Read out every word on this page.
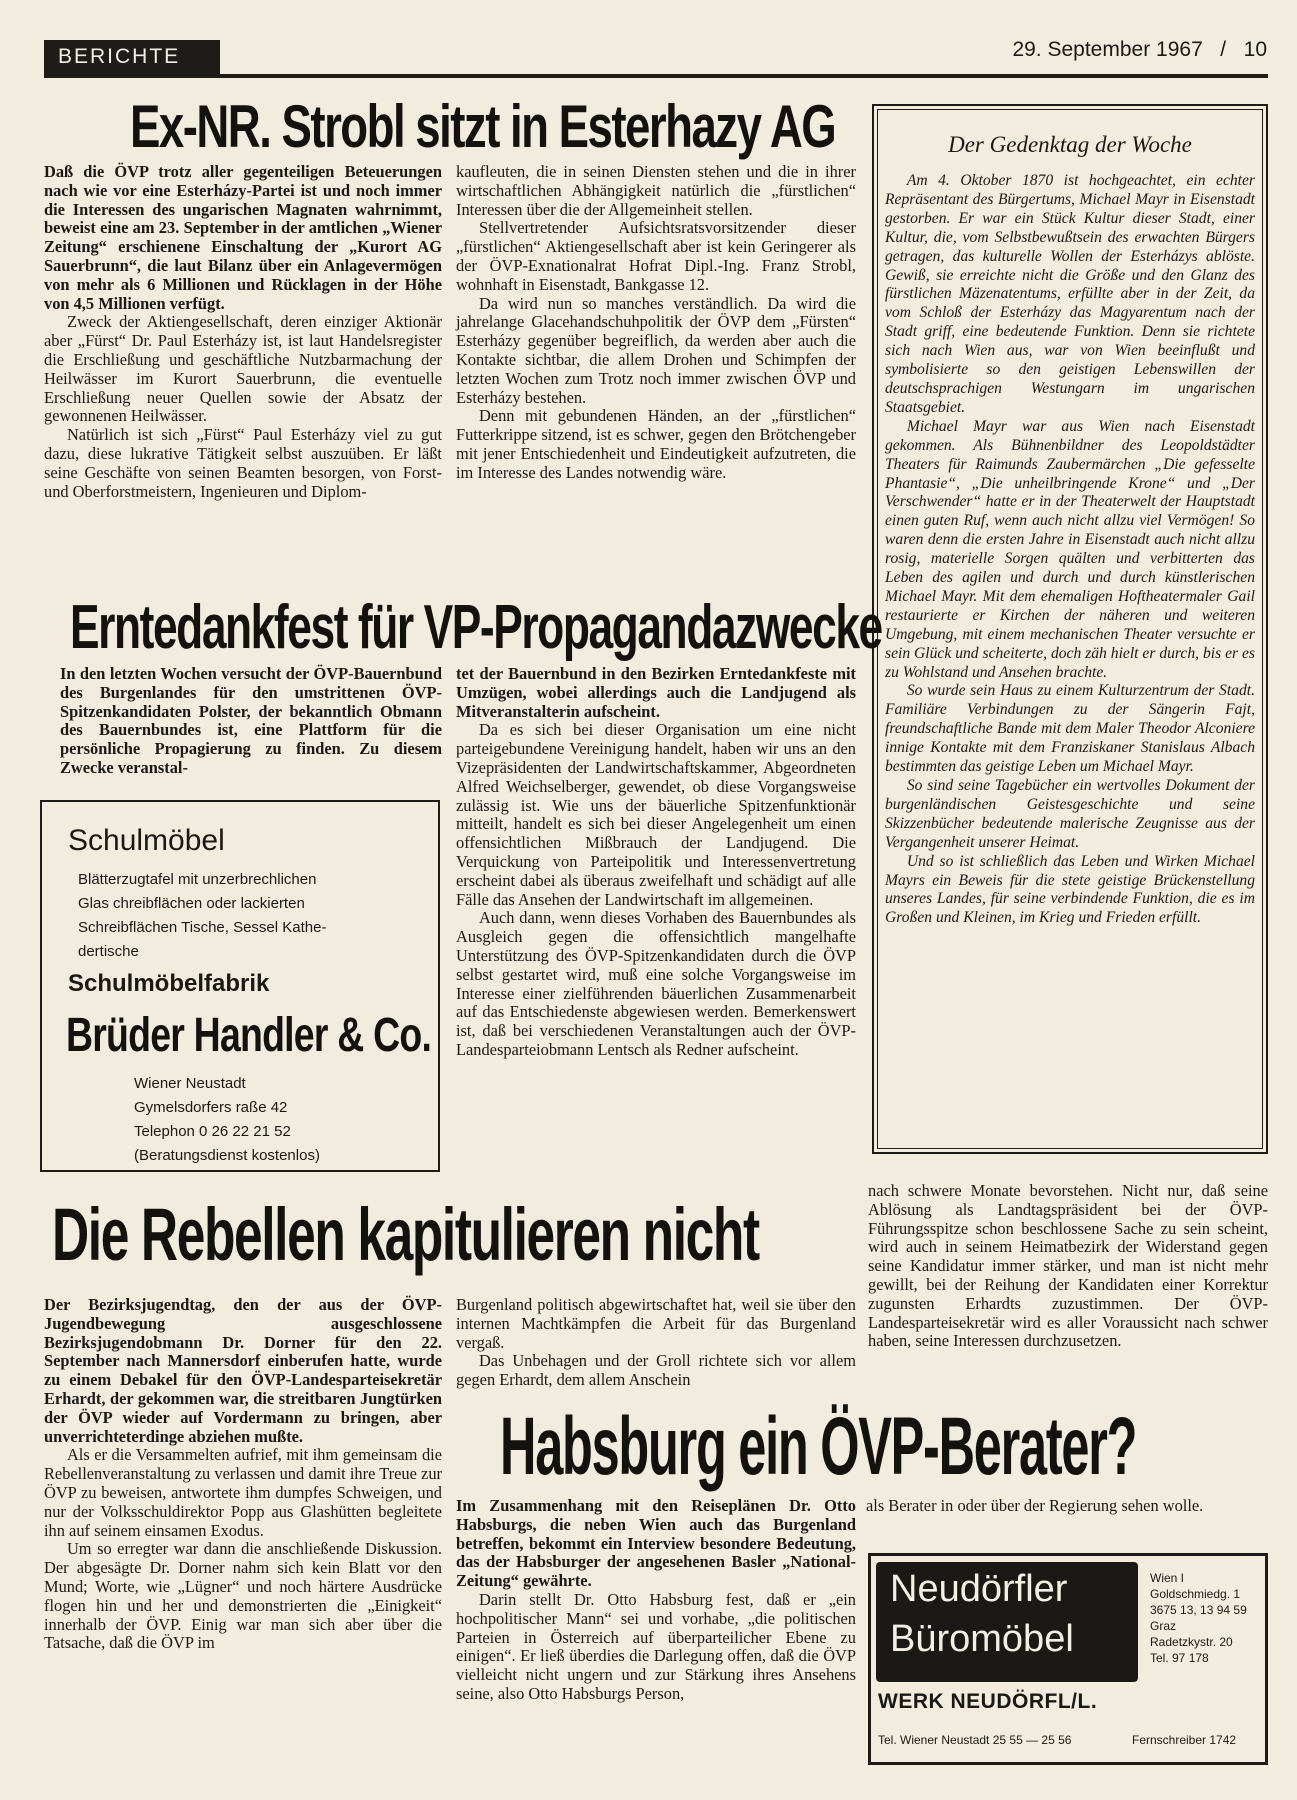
BERICHTE	29. September 1967 / 10
Ex-NR. Strobl sitzt in Esterhazy AG

Daß die ÖVP trotz aller gegenteiligen Beteuerungen nach wie vor eine Esterházy-Partei ist und noch immer die Interessen des ungarischen Magnaten wahrnimmt, beweist eine am 23. September in der amtlichen „Wiener Zeitung“ erschienene Einschaltung der „Kurort AG Sauerbrunn“, die laut Bilanz über ein Anlagevermögen von mehr als 6 Millionen und Rücklagen in der Höhe von 4,5 Millionen verfügt.

Zweck der Aktiengesellschaft, deren einziger Aktionär aber „Fürst“ Dr. Paul Esterházy ist, ist laut Handelsregister die Erschließung und geschäftliche Nutzbarmachung der Heilwässer im Kurort Sauerbrunn, die eventuelle Erschließung neuer Quellen sowie der Absatz der gewonnenen Heilwässer.

Natürlich ist sich „Fürst“ Paul Esterházy viel zu gut dazu, diese lukrative Tätigkeit selbst auszuüben. Er läßt seine Geschäfte von seinen Beamten besorgen, von Forst- und Oberforstmeistern, Ingenieuren und Diplom-

kaufleuten, die in seinen Diensten stehen und die in ihrer wirtschaftlichen Abhängigkeit natürlich die „fürstlichen“ Interessen über die der Allgemeinheit stellen.

Stellvertretender Aufsichtsratsvorsitzender dieser „fürstlichen“ Aktiengesellschaft aber ist kein Geringerer als der ÖVP-Exnationalrat Hofrat Dipl.-Ing. Franz Strobl, wohnhaft in Eisenstadt, Bankgasse 12.

Da wird nun so manches verständlich. Da wird die jahrelange Glacehandschuhpolitik der ÖVP dem „Fürsten“ Esterházy gegenüber begreiflich, da werden aber auch die Kontakte sichtbar, die allem Drohen und Schimpfen der letzten Wochen zum Trotz noch immer zwischen ÖVP und Esterházy bestehen.

Denn mit gebundenen Händen, an der „fürstlichen“ Futterkrippe sitzend, ist es schwer, gegen den Brötchengeber mit jener Entschiedenheit und Eindeutigkeit aufzutreten, die im Interesse des Landes notwendig wäre.

Der Gedenktag der Woche

Am 4. Oktober 1870 ist hochgeachtet, ein echter Repräsentant des Bürgertums, Michael Mayr in Eisenstadt gestorben. Er war ein Stück Kultur dieser Stadt, einer Kultur, die, vom Selbstbewußtsein des erwachten Bürgers getragen, das kulturelle Wollen der Esterházys ablöste. Gewiß, sie erreichte nicht die Größe und den Glanz des fürstlichen Mäzenatentums, erfüllte aber in der Zeit, da vom Schloß der Esterházy das Magyarentum nach der Stadt griff, eine bedeutende Funktion. Denn sie richtete sich nach Wien aus, war von Wien beeinflußt und symbolisierte so den geistigen Lebenswillen der deutschsprachigen Westungarn im ungarischen Staatsgebiet.

Michael Mayr war aus Wien nach Eisenstadt gekommen. Als Bühnenbildner des Leopoldstädter Theaters für Raimunds Zaubermärchen „Die gefesselte Phantasie“, „Die unheilbringende Krone“ und „Der Verschwender“ hatte er in der Theaterwelt der Hauptstadt einen guten Ruf, wenn auch nicht allzu viel Vermögen! So waren denn die ersten Jahre in Eisenstadt auch nicht allzu rosig, materielle Sorgen quälten und verbitterten das Leben des agilen und durch und durch künstlerischen Michael Mayr. Mit dem ehemaligen Hoftheatermaler Gail restaurierte er Kirchen der näheren und weiteren Umgebung, mit einem mechanischen Theater versuchte er sein Glück und scheiterte, doch zäh hielt er durch, bis er es zu Wohlstand und Ansehen brachte.

So wurde sein Haus zu einem Kulturzentrum der Stadt. Familiäre Verbindungen zu der Sängerin Fajt, freundschaftliche Bande mit dem Maler Theodor Alconiere innige Kontakte mit dem Franziskaner Stanislaus Albach bestimmten das geistige Leben um Michael Mayr.

So sind seine Tagebücher ein wertvolles Dokument der burgenländischen Geistesgeschichte und seine Skizzenbücher bedeutende malerische Zeugnisse aus der Vergangenheit unserer Heimat.

Und so ist schließlich das Leben und Wirken Michael Mayrs ein Beweis für die stete geistige Brückenstellung unseres Landes, für seine verbindende Funktion, die es im Großen und Kleinen, im Krieg und Frieden erfüllt.

Erntedankfest für VP-Propagandazwecke

In den letzten Wochen versucht der ÖVP-Bauernbund des Burgenlandes für den umstrittenen ÖVP-Spitzenkandidaten Polster, der bekanntlich Obmann des Bauernbundes ist, eine Plattform für die persönliche Propagierung zu finden. Zu diesem Zwecke veranstal-

tet der Bauernbund in den Bezirken Erntedankfeste mit Umzügen, wobei allerdings auch die Landjugend als Mitveranstalterin aufscheint.

Da es sich bei dieser Organisation um eine nicht parteigebundene Vereinigung handelt, haben wir uns an den Vizepräsidenten der Landwirtschaftskammer, Abgeordneten Alfred Weichselberger, gewendet, ob diese Vorgangsweise zulässig ist. Wie uns der bäuerliche Spitzenfunktionär mitteilt, handelt es sich bei dieser Angelegenheit um einen offensichtlichen Mißbrauch der Landjugend. Die Verquickung von Parteipolitik und Interessenvertretung erscheint dabei als überaus zweifelhaft und schädigt auf alle Fälle das Ansehen der Landwirtschaft im allgemeinen.

Auch dann, wenn dieses Vorhaben des Bauernbundes als Ausgleich gegen die offensichtlich mangelhafte Unterstützung des ÖVP-Spitzenkandidaten durch die ÖVP selbst gestartet wird, muß eine solche Vorgangsweise im Interesse einer zielführenden bäuerlichen Zusammenarbeit auf das Entschiedenste abgewiesen werden. Bemerkenswert ist, daß bei verschiedenen Veranstaltungen auch der ÖVP-Landesparteiobmann Lentsch als Redner aufscheint.

Schulmöbel
Blätterzugtafel mit unzerbrechlichen
Glas chreibflächen oder lackierten
Schreibflächen Tische, Sessel Kathe-
dertische
Schulmöbelfabrik
Brüder Handler & Co.
Wiener Neustadt
Gymelsdorfers raße 42
Telephon 0 26 22 21 52
(Beratungsdienst kostenlos)
Die Rebellen kapitulieren nicht

Der Bezirksjugendtag, den der aus der ÖVP-Jugendbewegung ausgeschlossene Bezirksjugendobmann Dr. Dorner für den 22. September nach Mannersdorf einberufen hatte, wurde zu einem Debakel für den ÖVP-Landesparteisekretär Erhardt, der gekommen war, die streitbaren Jungtürken der ÖVP wieder auf Vordermann zu bringen, aber unverrichteterdinge abziehen mußte.

Als er die Versammelten aufrief, mit ihm gemeinsam die Rebellenveranstaltung zu verlassen und damit ihre Treue zur ÖVP zu beweisen, antwortete ihm dumpfes Schweigen, und nur der Volksschuldirektor Popp aus Glashütten begleitete ihn auf seinem einsamen Exodus.

Um so erregter war dann die anschließende Diskussion. Der abgesägte Dr. Dorner nahm sich kein Blatt vor den Mund; Worte, wie „Lügner“ und noch härtere Ausdrücke flogen hin und her und demonstrierten die „Einigkeit“ innerhalb der ÖVP. Einig war man sich aber über die Tatsache, daß die ÖVP im

Burgenland politisch abgewirtschaftet hat, weil sie über den internen Machtkämpfen die Arbeit für das Burgenland vergaß.

Das Unbehagen und der Groll richtete sich vor allem gegen Erhardt, dem allem Anschein

nach schwere Monate bevorstehen. Nicht nur, daß seine Ablösung als Landtagspräsident bei der ÖVP-Führungsspitze schon beschlossene Sache zu sein scheint, wird auch in seinem Heimatbezirk der Widerstand gegen seine Kandidatur immer stärker, und man ist nicht mehr gewillt, bei der Reihung der Kandidaten einer Korrektur zugunsten Erhardts zuzustimmen. Der ÖVP-Landesparteisekretär wird es aller Voraussicht nach schwer haben, seine Interessen durchzusetzen.

Habsburg ein ÖVP-Berater?

Im Zusammenhang mit den Reiseplänen Dr. Otto Habsburgs, die neben Wien auch das Burgenland betreffen, bekommt ein Interview besondere Bedeutung, das der Habsburger der angesehenen Basler „National-Zeitung“ gewährte.

Darin stellt Dr. Otto Habsburg fest, daß er „ein hochpolitischer Mann“ sei und vorhabe, „die politischen Parteien in Österreich auf überparteilicher Ebene zu einigen“. Er ließ überdies die Darlegung offen, daß die ÖVP vielleicht nicht ungern und zur Stärkung ihres Ansehens seine, also Otto Habsburgs Person,

als Berater in oder über der Regierung sehen wolle.

Neudörfler
Büromöbel
Wien I
Goldschmiedg. 1
3675 13, 13 94 59
Graz
Radetzkystr. 20
Tel. 97 178
WERK NEUDÖRFL/L.
Tel. Wiener Neustadt 25 55 — 25 56	Fernschreiber 1742
